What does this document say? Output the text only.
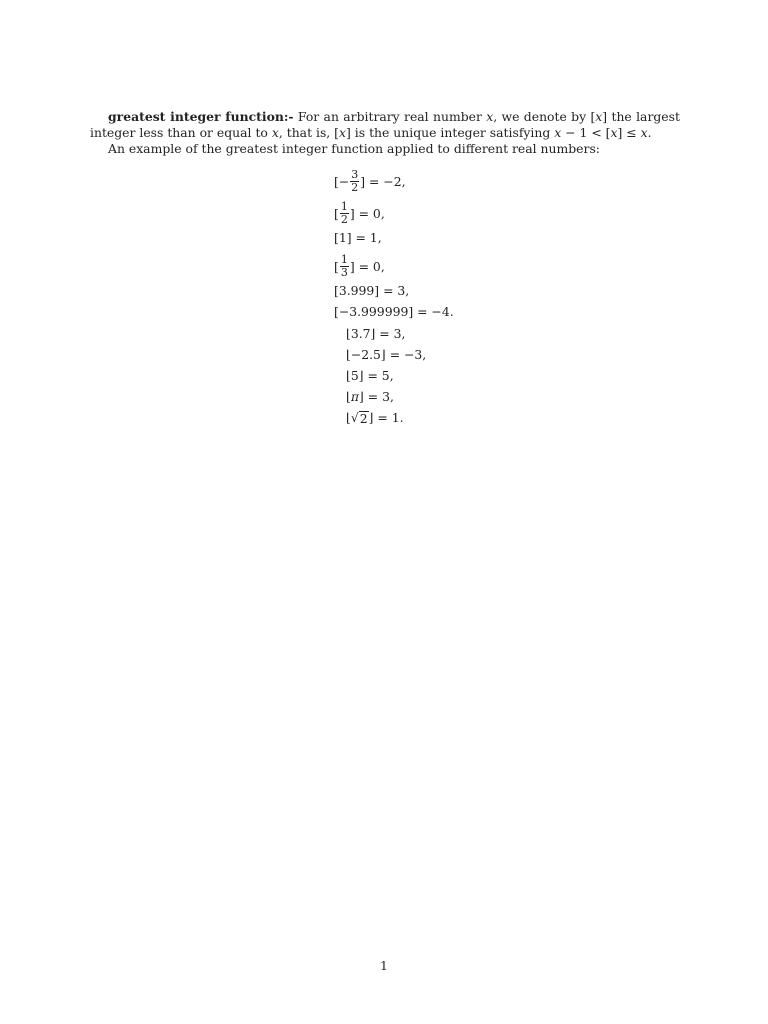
greatest integer function:- For an arbitrary real number x, we denote by [x] the largest integer less than or equal to x, that is, [x] is the unique integer satisfying x − 1 < [x] ≤ x.

An example of the greatest integer function applied to different real numbers:

[− $\frac{3}{2}$ ] = −2,
[ $\frac{1}{2}$ ] = 0,
[1] = 1,
[ $\frac{1}{3}$ ] = 0,
[3.999] = 3,
[−3.999999] = −4.
⌊3.7⌋ = 3,
⌊−2.5⌋ = −3,
⌊5⌋ = 5,
⌊ π ⌋ = 3,
⌊ √ 2 ⌋ = 1.
1
